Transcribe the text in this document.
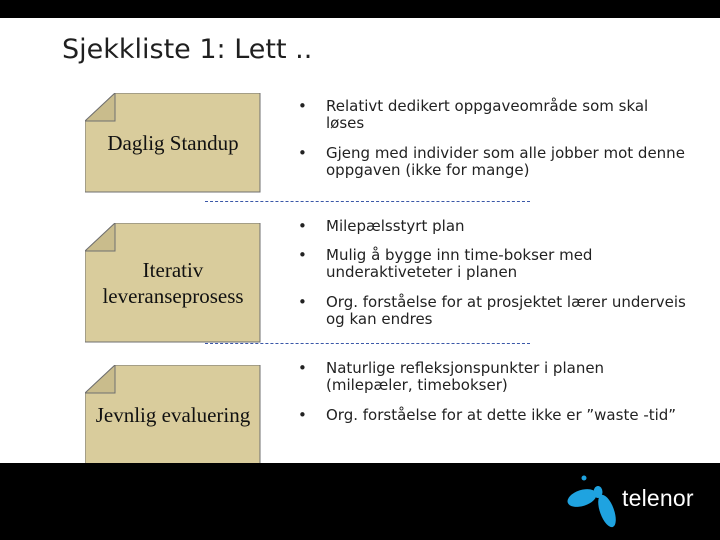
Sjekkliste 1: Lett ..
Daglig Standup
• Relativt dedikert oppgaveområde som skal løses
• Gjeng med individer som alle jobber mot denne oppgaven (ikke for mange)
Iterativ
leveranseprosess
• Milepælsstyrt plan
• Mulig å bygge inn time-bokser med underaktiveteter i planen
• Org. forståelse for at prosjektet lærer underveis og kan endres
Jevnlig evaluering
• Naturlige refleksjonspunkter i planen (milepæler, timebokser)
• Org. forståelse for at dette ikke er ”waste -tid”
telenor
